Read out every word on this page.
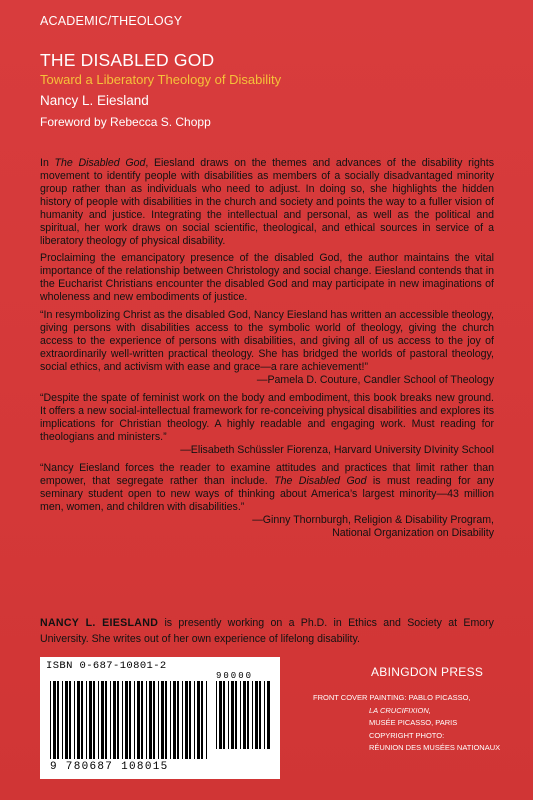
ACADEMIC/THEOLOGY
THE DISABLED GOD
Toward a Liberatory Theology of Disability
Nancy L. Eiesland
Foreword by Rebecca S. Chopp

In The Disabled God, Eiesland draws on the themes and advances of the disability rights movement to identify people with disabilities as members of a socially disadvantaged minority group rather than as individuals who need to adjust. In doing so, she highlights the hidden history of people with disabilities in the church and society and points the way to a fuller vision of humanity and justice. Integrating the intellectual and personal, as well as the political and spiritual, her work draws on social scientific, theological, and ethical sources in service of a liberatory theology of physical disability.

Proclaiming the emancipatory presence of the disabled God, the author maintains the vital importance of the relationship between Christology and social change. Eiesland contends that in the Eucharist Christians encounter the disabled God and may participate in new imaginations of wholeness and new embodiments of justice.

“In resymbolizing Christ as the disabled God, Nancy Eiesland has written an accessible theology, giving persons with disabilities access to the symbolic world of theology, giving the church access to the experience of persons with disabilities, and giving all of us access to the joy of extraordinarily well-written practical theology. She has bridged the worlds of pastoral theology, social ethics, and activism with ease and grace—a rare achievement!”

—Pamela D. Couture, Candler School of Theology

“Despite the spate of feminist work on the body and embodiment, this book breaks new ground. It offers a new social-intellectual framework for re-conceiving physical disabilities and explores its implications for Christian theology. A highly readable and engaging work. Must reading for theologians and ministers.”

—Elisabeth Schüssler Fiorenza, Harvard University DIvinity School

“Nancy Eiesland forces the reader to examine attitudes and practices that limit rather than empower, that segregate rather than include. The Disabled God is must reading for any seminary student open to new ways of thinking about America’s largest minority—43 million men, women, and children with disabilities.”

—Ginny Thornburgh, Religion & Disability Program,
National Organization on Disability

NANCY L. EIESLAND is presently working on a Ph.D. in Ethics and Society at Emory University. She writes out of her own experience of lifelong disability.
ISBN 0-687-10801-2
90000
9 780687 108015
ABINGDON PRESS
FRONT COVER PAINTING: PABLO PICASSO,
LA CRUCIFIXION,
MUSÉE PICASSO, PARIS
COPYRIGHT PHOTO:
RÉUNION DES MUSÉES NATIONAUX
